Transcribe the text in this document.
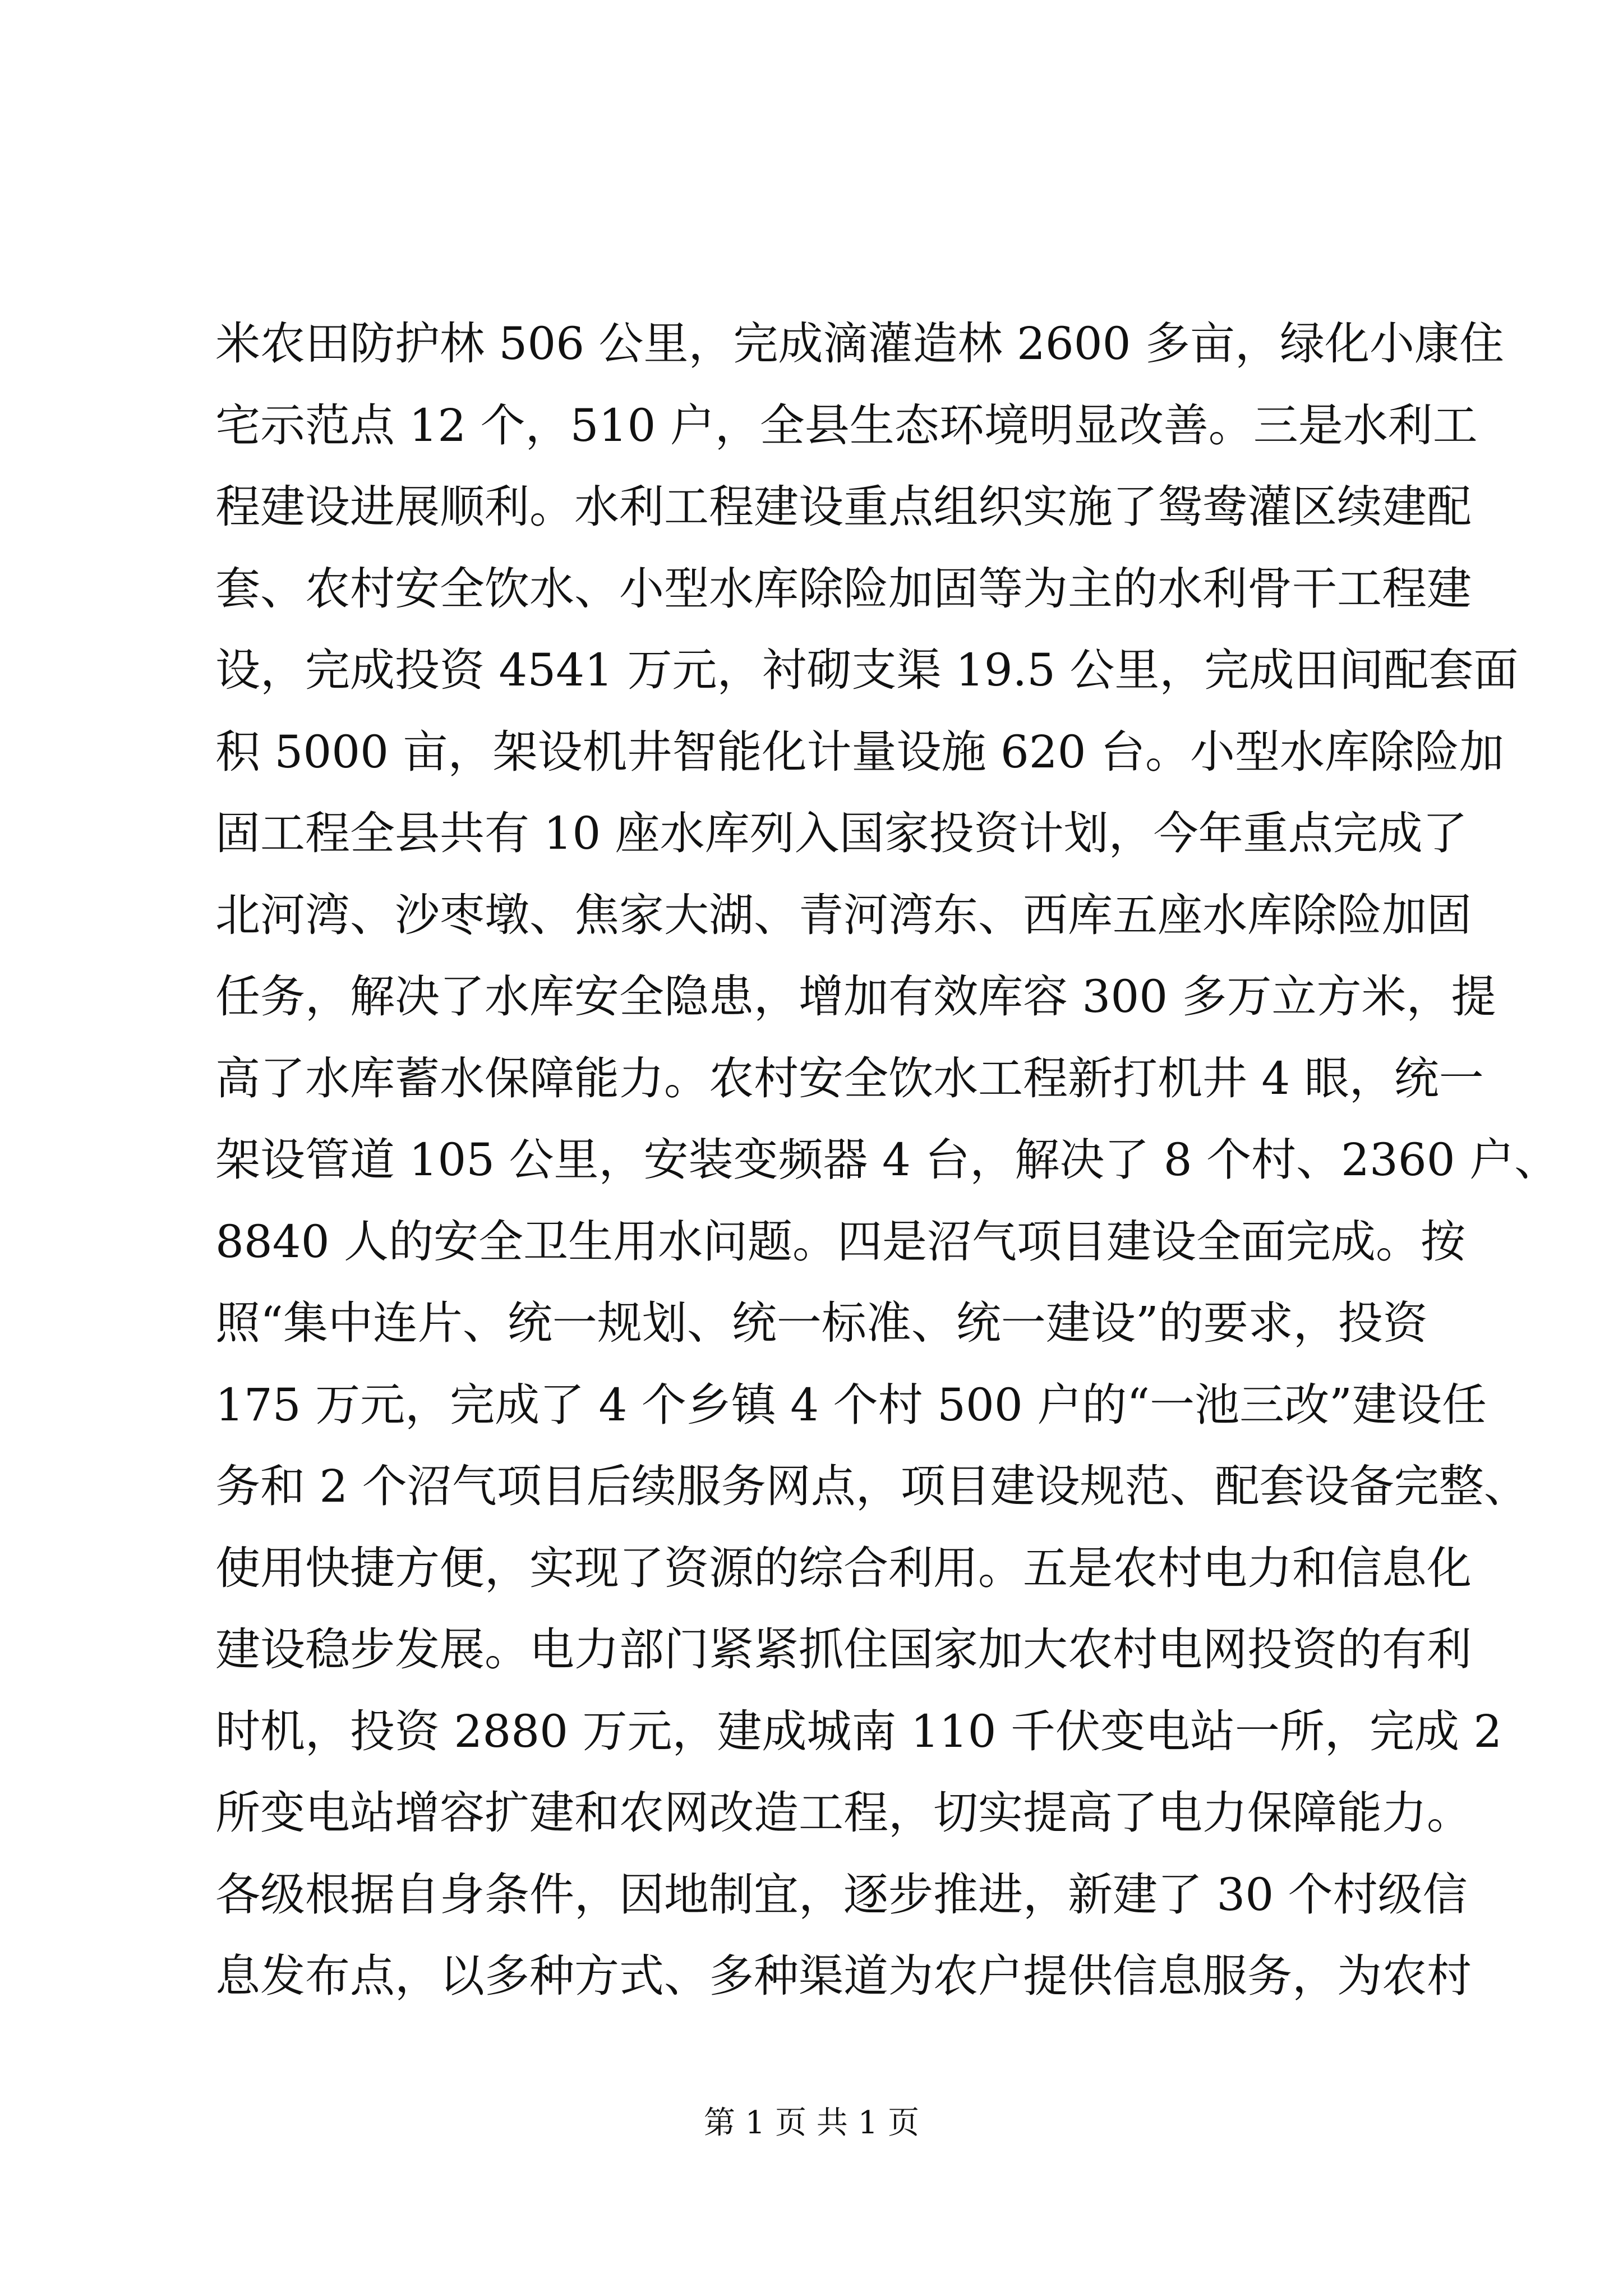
米农田防护林 506 公里，完成滴灌造林 2600 多亩，绿化小康住
宅示范点 12 个，510 户，全县生态环境明显改善。三是水利工
程建设进展顺利。水利工程建设重点组织实施了鸳鸯灌区续建配
套、农村安全饮水、小型水库除险加固等为主的水利骨干工程建
设，完成投资 4541 万元，衬砌支渠 19.5 公里，完成田间配套面
积 5000 亩，架设机井智能化计量设施 620 台。小型水库除险加
固工程全县共有 10 座水库列入国家投资计划，今年重点完成了
北河湾、沙枣墩、焦家大湖、青河湾东、西库五座水库除险加固
任务，解决了水库安全隐患，增加有效库容 300 多万立方米，提
高了水库蓄水保障能力。农村安全饮水工程新打机井 4 眼，统一
架设管道 105 公里，安装变频器 4 台，解决了 8 个村、2360 户、
8840 人的安全卫生用水问题。四是沼气项目建设全面完成。按
照“集中连片、统一规划、统一标准、统一建设”的要求，投资
175 万元，完成了 4 个乡镇 4 个村 500 户的“一池三改”建设任
务和 2 个沼气项目后续服务网点，项目建设规范、配套设备完整、
使用快捷方便，实现了资源的综合利用。五是农村电力和信息化
建设稳步发展。电力部门紧紧抓住国家加大农村电网投资的有利
时机，投资 2880 万元，建成城南 110 千伏变电站一所，完成 2
所变电站增容扩建和农网改造工程，切实提高了电力保障能力。
各级根据自身条件，因地制宜，逐步推进，新建了 30 个村级信
息发布点，以多种方式、多种渠道为农户提供信息服务，为农村
第 1 页 共 1 页
